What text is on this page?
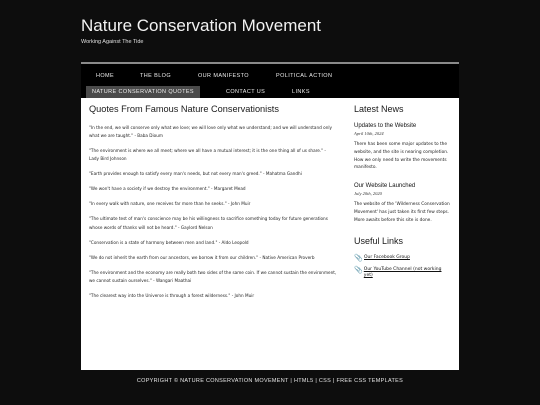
Nature Conservation Movement
Working Against The Tide
HOME	THE BLOG	OUR MANIFESTO	POLITICAL ACTION
NATURE CONSERVATION QUOTES	CONTACT US	LINKS
Quotes From Famous Nature Conservationists
"In the end, we will conserve only what we love; we will love only what we understand; and we will understand only what we are taught." - Baba Dioum
"The environment is where we all meet; where we all have a mutual interest; it is the one thing all of us share." - Lady Bird Johnson
"Earth provides enough to satisfy every man's needs, but not every man's greed." - Mahatma Gandhi
"We won't have a society if we destroy the environment." - Margaret Mead
"In every walk with nature, one receives far more than he seeks." - John Muir
"The ultimate test of man's conscience may be his willingness to sacrifice something today for future generations whose words of thanks will not be heard." - Gaylord Nelson
"Conservation is a state of harmony between men and land." - Aldo Leopold
"We do not inherit the earth from our ancestors, we borrow it from our children." - Native American Proverb
"The environment and the economy are really both two sides of the same coin. If we cannot sustain the environment, we cannot sustain ourselves." - Wangari Maathai
"The clearest way into the Universe is through a forest wilderness." - John Muir
Latest News
Updates to the Website
April 10th, 2024
There has been some major updates to the website, and the site is nearing completion. How we only need to write the movements manifesto.
Our Website Launched
July 20th, 2020
The website of the 'Wilderness Conservation Movement' has just taken its first few steps. More awaits before this site is done.
Useful Links
📎 Our Facebook Group
📎 Our YouTube Channel (not working yet)
COPYRIGHT © NATURE CONSERVATION MOVEMENT | HTML5 | CSS | FREE CSS TEMPLATES
